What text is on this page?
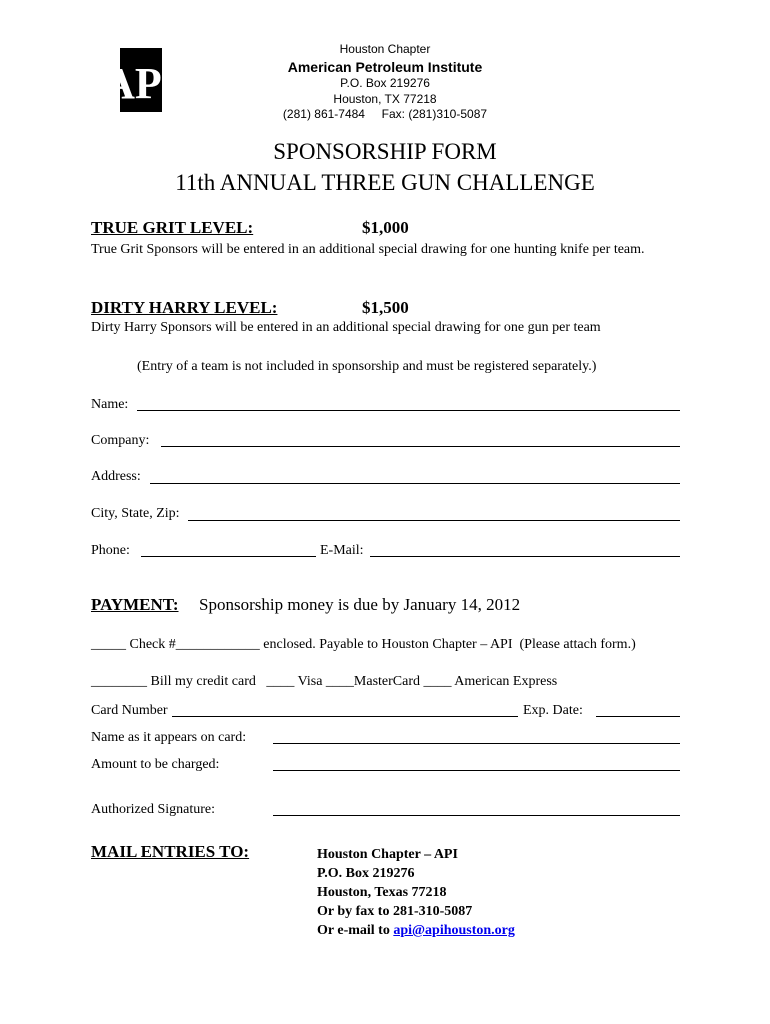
API
Houston Chapter
American Petroleum Institute
P.O. Box 219276
Houston, TX 77218
(281) 861-7484     Fax: (281)310-5087
SPONSORSHIP FORM
11th ANNUAL THREE GUN CHALLENGE
TRUE GRIT LEVEL:	$1,000
True Grit Sponsors will be entered in an additional special drawing for one hunting knife per team.
DIRTY HARRY LEVEL:	$1,500
Dirty Harry Sponsors will be entered in an additional special drawing for one gun per team
(Entry of a team is not included in sponsorship and must be registered separately.)
Name:
Company:
Address:
City, State, Zip:
Phone:	E-Mail:
PAYMENT: Sponsorship money is due by January 14, 2012
_____ Check #____________ enclosed. Payable to Houston Chapter – API  (Please attach form.)
________ Bill my credit card   ____ Visa ____MasterCard ____ American Express
Card Number	Exp. Date:
Name as it appears on card:
Amount to be charged:
Authorized Signature:
MAIL ENTRIES TO:	Houston Chapter – API
P.O. Box 219276
Houston, Texas 77218
Or by fax to 281-310-5087
Or e-mail to api@apihouston.org
